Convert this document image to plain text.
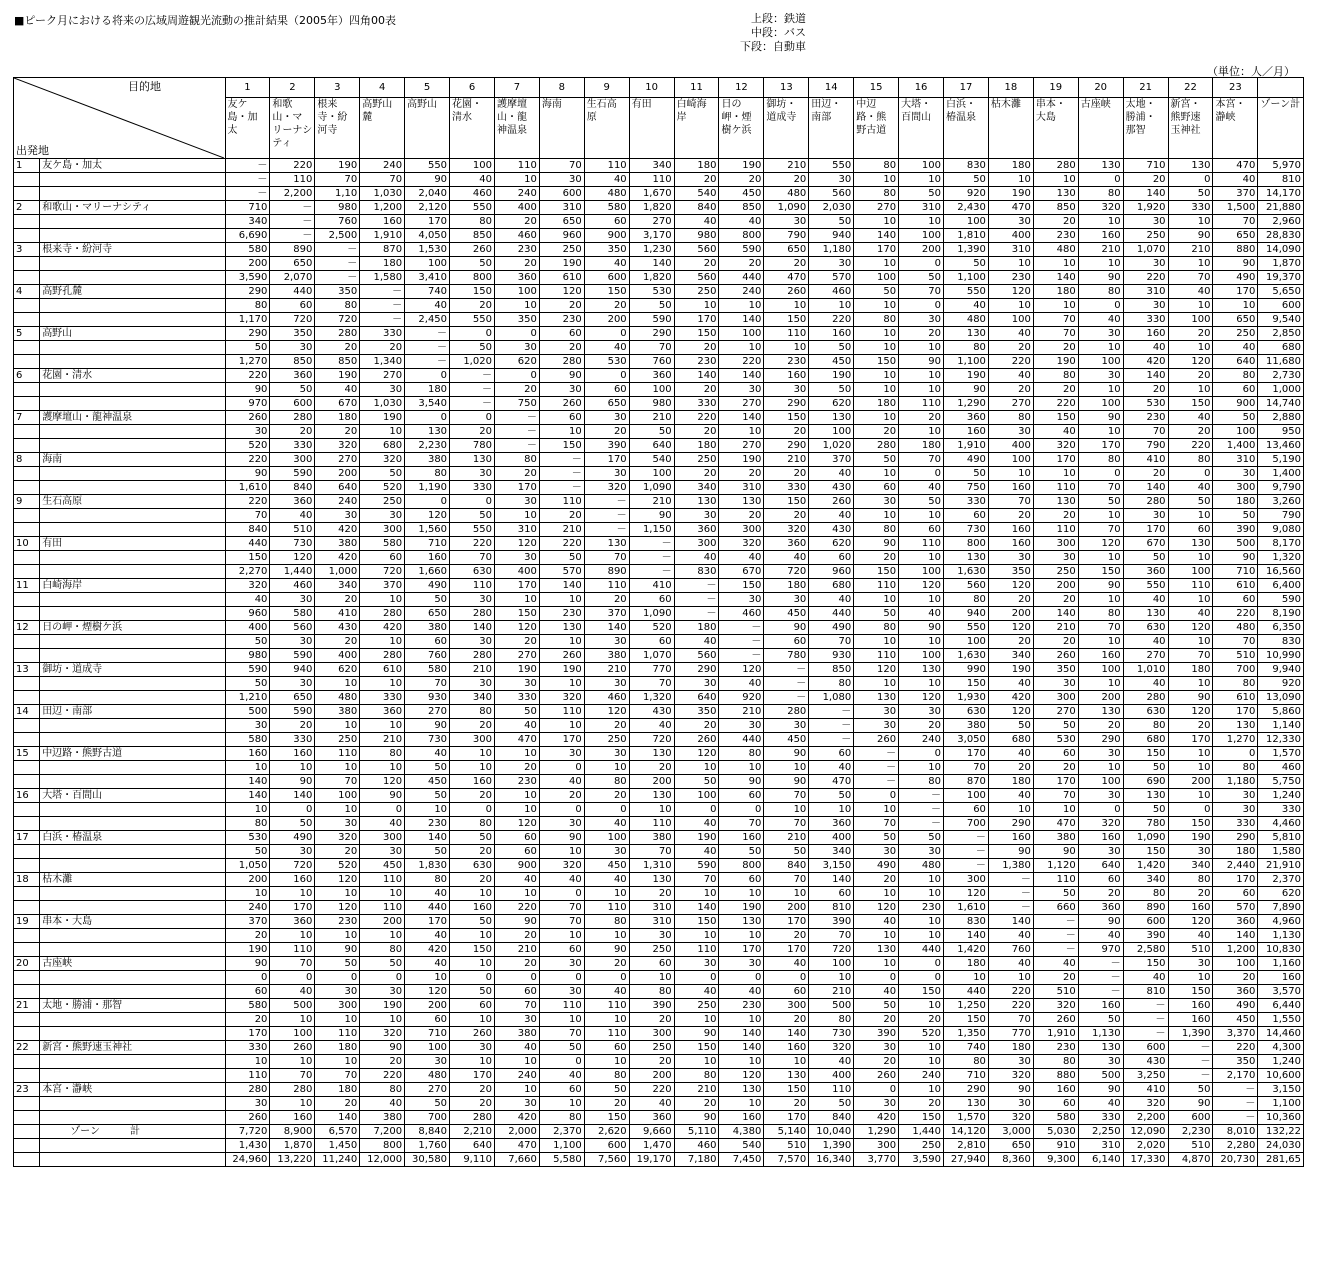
■ピーク月における将来の広域周遊観光流動の推計結果（2005年）四角00表	上段：鉄道
中段：バス
下段：自動車
（単位：人／月）
目的地
出発地		1	2	3	4	5	6	7	8	9	10	11	12	13	14	15	16	17	18	19	20	21	22	23	
		友ケ島・加太	和歌山・マリーナシティ	根来寺・紛河寺	高野山麓	高野山	花園・清水	護摩壇山・龍神温泉	海南	生石高原	有田	白崎海岸	日の岬・煙樹ケ浜	御坊・道成寺	田辺・南部	中辺路・熊野古道	大塔・百間山	白浜・椿温泉	枯木灘	串本・大島	古座峡	太地・勝浦・那智	新宮・熊野速玉神社	本宮・瀞峡	ゾーン計
1	友ケ島・加太	－	220	190	240	550	100	110	70	110	340	180	190	210	550	80	100	830	180	280	130	710	130	470	5,970
		－	110	70	70	90	40	10	30	40	110	20	20	20	30	10	10	50	10	10	0	20	0	40	810
		－	2,200	1,10	1,030	2,040	460	240	600	480	1,670	540	450	480	560	80	50	920	190	130	80	140	50	370	14,170
2	和歌山・マリーナシティ	710	－	980	1,200	2,120	550	400	310	580	1,820	840	850	1,090	2,030	270	310	2,430	470	850	320	1,920	330	1,500	21,880
		340	－	760	160	170	80	20	650	60	270	40	40	30	50	10	10	100	30	20	10	30	10	70	2,960
		6,690	－	2,500	1,910	4,050	850	460	960	900	3,170	980	800	790	940	140	100	1,810	400	230	160	250	90	650	28,830
3	根来寺・紛河寺	580	890	－	870	1,530	260	230	250	350	1,230	560	590	650	1,180	170	200	1,390	310	480	210	1,070	210	880	14,090
		200	650	－	180	100	50	20	190	40	140	20	20	20	30	10	0	50	10	10	10	30	10	90	1,870
		3,590	2,070	－	1,580	3,410	800	360	610	600	1,820	560	440	470	570	100	50	1,100	230	140	90	220	70	490	19,370
4	高野孔麓	290	440	350	－	740	150	100	120	150	530	250	240	260	460	50	70	550	120	180	80	310	40	170	5,650
		80	60	80	－	40	20	10	20	20	50	10	10	10	10	10	0	40	10	10	0	30	10	10	600
		1,170	720	720	－	2,450	550	350	230	200	590	170	140	150	220	80	30	480	100	70	40	330	100	650	9,540
5	高野山	290	350	280	330	－	0	0	60	0	290	150	100	110	160	10	20	130	40	70	30	160	20	250	2,850
		50	30	20	20	－	50	30	20	40	70	20	10	10	50	10	10	80	20	20	10	40	10	40	680
		1,270	850	850	1,340	－	1,020	620	280	530	760	230	220	230	450	150	90	1,100	220	190	100	420	120	640	11,680
6	花園・清水	220	360	190	270	0	－	0	90	0	360	140	140	160	190	10	10	190	40	80	30	140	20	80	2,730
		90	50	40	30	180	－	20	30	60	100	20	30	30	50	10	10	90	20	20	10	20	10	60	1,000
		970	600	670	1,030	3,540	－	750	260	650	980	330	270	290	620	180	110	1,290	270	220	100	530	150	900	14,740
7	護摩壇山・龍神温泉	260	280	180	190	0	0	－	60	30	210	220	140	150	130	10	20	360	80	150	90	230	40	50	2,880
		30	20	20	10	130	20	－	10	20	50	20	10	20	100	20	10	160	30	40	10	70	20	100	950
		520	330	320	680	2,230	780	－	150	390	640	180	270	290	1,020	280	180	1,910	400	320	170	790	220	1,400	13,460
8	海南	220	300	270	320	380	130	80	－	170	540	250	190	210	370	50	70	490	100	170	80	410	80	310	5,190
		90	590	200	50	80	30	20	－	30	100	20	20	20	40	10	0	50	10	10	0	20	0	30	1,400
		1,610	840	640	520	1,190	330	170	－	320	1,090	340	310	330	430	60	40	750	160	110	70	140	40	300	9,790
9	生石高原	220	360	240	250	0	0	30	110	－	210	130	130	150	260	30	50	330	70	130	50	280	50	180	3,260
		70	40	30	30	120	50	10	20	－	90	30	20	20	40	10	10	60	20	20	10	30	10	50	790
		840	510	420	300	1,560	550	310	210	－	1,150	360	300	320	430	80	60	730	160	110	70	170	60	390	9,080
10	有田	440	730	380	580	710	220	120	220	130	－	300	320	360	620	90	110	800	160	300	120	670	130	500	8,170
		150	120	420	60	160	70	30	50	70	－	40	40	40	60	20	10	130	30	30	10	50	10	90	1,320
		2,270	1,440	1,000	720	1,660	630	400	570	890	－	830	670	720	960	150	100	1,630	350	250	150	360	100	710	16,560
11	白崎海岸	320	460	340	370	490	110	170	140	110	410	－	150	180	680	110	120	560	120	200	90	550	110	610	6,400
		40	30	20	10	50	30	10	10	20	60	－	30	30	40	10	10	80	20	20	10	40	10	60	590
		960	580	410	280	650	280	150	230	370	1,090	－	460	450	440	50	40	940	200	140	80	130	40	220	8,190
12	日の岬・煙樹ケ浜	400	560	430	420	380	140	120	130	140	520	180	－	90	490	80	90	550	120	210	70	630	120	480	6,350
		50	30	20	10	60	30	20	10	30	60	40	－	60	70	10	10	100	20	20	10	40	10	70	830
		980	590	400	280	760	280	270	260	380	1,070	560	－	780	930	110	100	1,630	340	260	160	270	70	510	10,990
13	御坊・道成寺	590	940	620	610	580	210	190	190	210	770	290	120	－	850	120	130	990	190	350	100	1,010	180	700	9,940
		50	30	10	10	70	30	30	10	30	70	30	40	－	80	10	10	150	40	30	10	40	10	80	920
		1,210	650	480	330	930	340	330	320	460	1,320	640	920	－	1,080	130	120	1,930	420	300	200	280	90	610	13,090
14	田辺・南部	500	590	380	360	270	80	50	110	120	430	350	210	280	－	30	30	630	120	270	130	630	120	170	5,860
		30	20	10	10	90	20	40	10	20	40	20	30	30	－	30	20	380	50	50	20	80	20	130	1,140
		580	330	250	210	730	300	470	170	250	720	260	440	450	－	260	240	3,050	680	530	290	680	170	1,270	12,330
15	中辺路・熊野古道	160	160	110	80	40	10	10	30	30	130	120	80	90	60	－	0	170	40	60	30	150	10	0	1,570
		10	10	10	10	50	10	20	0	10	20	10	10	10	40	－	10	70	20	20	10	50	10	80	460
		140	90	70	120	450	160	230	40	80	200	50	90	90	470	－	80	870	180	170	100	690	200	1,180	5,750
16	大塔・百間山	140	140	100	90	50	20	10	20	20	130	100	60	70	50	0	－	100	40	70	30	130	10	30	1,240
		10	0	10	0	10	0	10	0	0	10	0	0	10	10	10	－	60	10	10	0	50	0	30	330
		80	50	30	40	230	80	120	30	40	110	40	70	70	360	70	－	700	290	470	320	780	150	330	4,460
17	白浜・椿温泉	530	490	320	300	140	50	60	90	100	380	190	160	210	400	50	50	－	160	380	160	1,090	190	290	5,810
		50	30	20	30	50	20	60	10	30	70	40	50	50	340	30	30	－	90	90	30	150	30	180	1,580
		1,050	720	520	450	1,830	630	900	320	450	1,310	590	800	840	3,150	490	480	－	1,380	1,120	640	1,420	340	2,440	21,910
18	枯木灘	200	160	120	110	80	20	40	40	40	130	70	60	70	140	20	10	300	－	110	60	340	80	170	2,370
		10	10	10	10	40	10	10	0	10	20	10	10	10	60	10	10	120	－	50	20	80	20	60	620
		240	170	120	110	440	160	220	70	110	310	140	190	200	810	120	230	1,610	－	660	360	890	160	570	7,890
19	串本・大島	370	360	230	200	170	50	90	70	80	310	150	130	170	390	40	10	830	140	－	90	600	120	360	4,960
		20	10	10	10	40	10	20	10	10	30	10	10	20	70	10	10	140	40	－	40	390	40	140	1,130
		190	110	90	80	420	150	210	60	90	250	110	170	170	720	130	440	1,420	760	－	970	2,580	510	1,200	10,830
20	古座峡	90	70	50	50	40	10	20	30	20	60	30	30	40	100	10	0	180	40	40	－	150	30	100	1,160
		0	0	0	0	10	0	0	0	0	10	0	0	0	10	0	0	10	10	20	－	40	10	20	160
		60	40	30	30	120	50	60	30	40	80	40	40	60	210	40	150	440	220	510	－	810	150	360	3,570
21	太地・勝浦・那智	580	500	300	190	200	60	70	110	110	390	250	230	300	500	50	10	1,250	220	320	160	－	160	490	6,440
		20	10	10	10	60	10	30	10	10	20	10	10	20	80	20	20	150	70	260	50	－	160	450	1,550
		170	100	110	320	710	260	380	70	110	300	90	140	140	730	390	520	1,350	770	1,910	1,130	－	1,390	3,370	14,460
22	新宮・熊野速玉神社	330	260	180	90	100	30	40	50	60	250	150	140	160	320	30	10	740	180	230	130	600	－	220	4,300
		10	10	10	20	30	10	10	0	10	20	10	10	10	40	20	10	80	30	80	30	430	－	350	1,240
		110	70	70	220	480	170	240	40	80	200	80	120	130	400	260	240	710	320	880	500	3,250	－	2,170	10,600
23	本宮・瀞峡	280	280	180	80	270	20	10	60	50	220	210	130	150	110	0	10	290	90	160	90	410	50	－	3,150
		30	10	20	40	50	20	30	10	20	40	20	10	20	50	30	20	130	30	60	40	320	90	－	1,100
		260	160	140	380	700	280	420	80	150	360	90	160	170	840	420	150	1,570	320	580	330	2,200	600	－	10,360
	ゾーン　　　計	7,720	8,900	6,570	7,200	8,840	2,210	2,000	2,370	2,620	9,660	5,110	4,380	5,140	10,040	1,290	1,440	14,120	3,000	5,030	2,250	12,090	2,230	8,010	132,22
		1,430	1,870	1,450	800	1,760	640	470	1,100	600	1,470	460	540	510	1,390	300	250	2,810	650	910	310	2,020	510	2,280	24,030
		24,960	13,220	11,240	12,000	30,580	9,110	7,660	5,580	7,560	19,170	7,180	7,450	7,570	16,340	3,770	3,590	27,940	8,360	9,300	6,140	17,330	4,870	20,730	281,65
